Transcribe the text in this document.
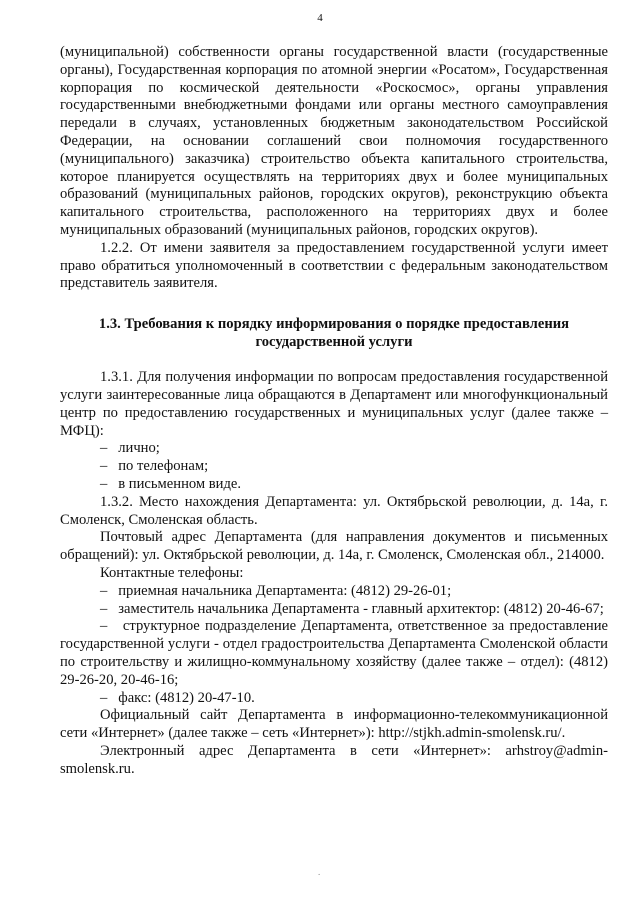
4

(муниципальной) собственности органы государственной власти (государственные органы), Государственная корпорация по атомной энергии «Росатом», Государственная корпорация по космической деятельности «Роскосмос», органы управления государственными внебюджетными фондами или органы местного самоуправления передали в случаях, установленных бюджетным законодательством Российской Федерации, на основании соглашений свои полномочия государственного (муниципального) заказчика) строительство объекта капитального строительства, которое планируется осуществлять на территориях двух и более муниципальных образований (муниципальных районов, городских округов), реконструкцию объекта капитального строительства, расположенного на территориях двух и более муниципальных образований (муниципальных районов, городских округов).

1.2.2. От имени заявителя за предоставлением государственной услуги имеет право обратиться уполномоченный в соответствии с федеральным законодательством представитель заявителя.

1.3. Требования к порядку информирования о порядке предоставления государственной услуги

1.3.1. Для получения информации по вопросам предоставления государственной услуги заинтересованные лица обращаются в Департамент или многофункциональный центр по предоставлению государственных и муниципальных услуг (далее также – МФЦ):

– лично;

– по телефонам;

– в письменном виде.

1.3.2. Место нахождения Департамента: ул. Октябрьской революции, д. 14а, г. Смоленск, Смоленская область.

Почтовый адрес Департамента (для направления документов и письменных обращений): ул. Октябрьской революции, д. 14а, г. Смоленск, Смоленская обл., 214000.

Контактные телефоны:

– приемная начальника Департамента: (4812) 29-26-01;

– заместитель начальника Департамента - главный архитектор: (4812) 20-46-67;

– структурное подразделение Департамента, ответственное за предоставление государственной услуги - отдел градостроительства Департамента Смоленской области по строительству и жилищно-коммунальному хозяйству (далее также – отдел): (4812) 29-26-20, 20-46-16;

– факс: (4812) 20-47-10.

Официальный сайт Департамента в информационно-телекоммуникационной сети «Интернет» (далее также – сеть «Интернет»): http://stjkh.admin-smolensk.ru/.

Электронный адрес Департамента в сети «Интернет»: arhstroy@admin-smolensk.ru.

.
